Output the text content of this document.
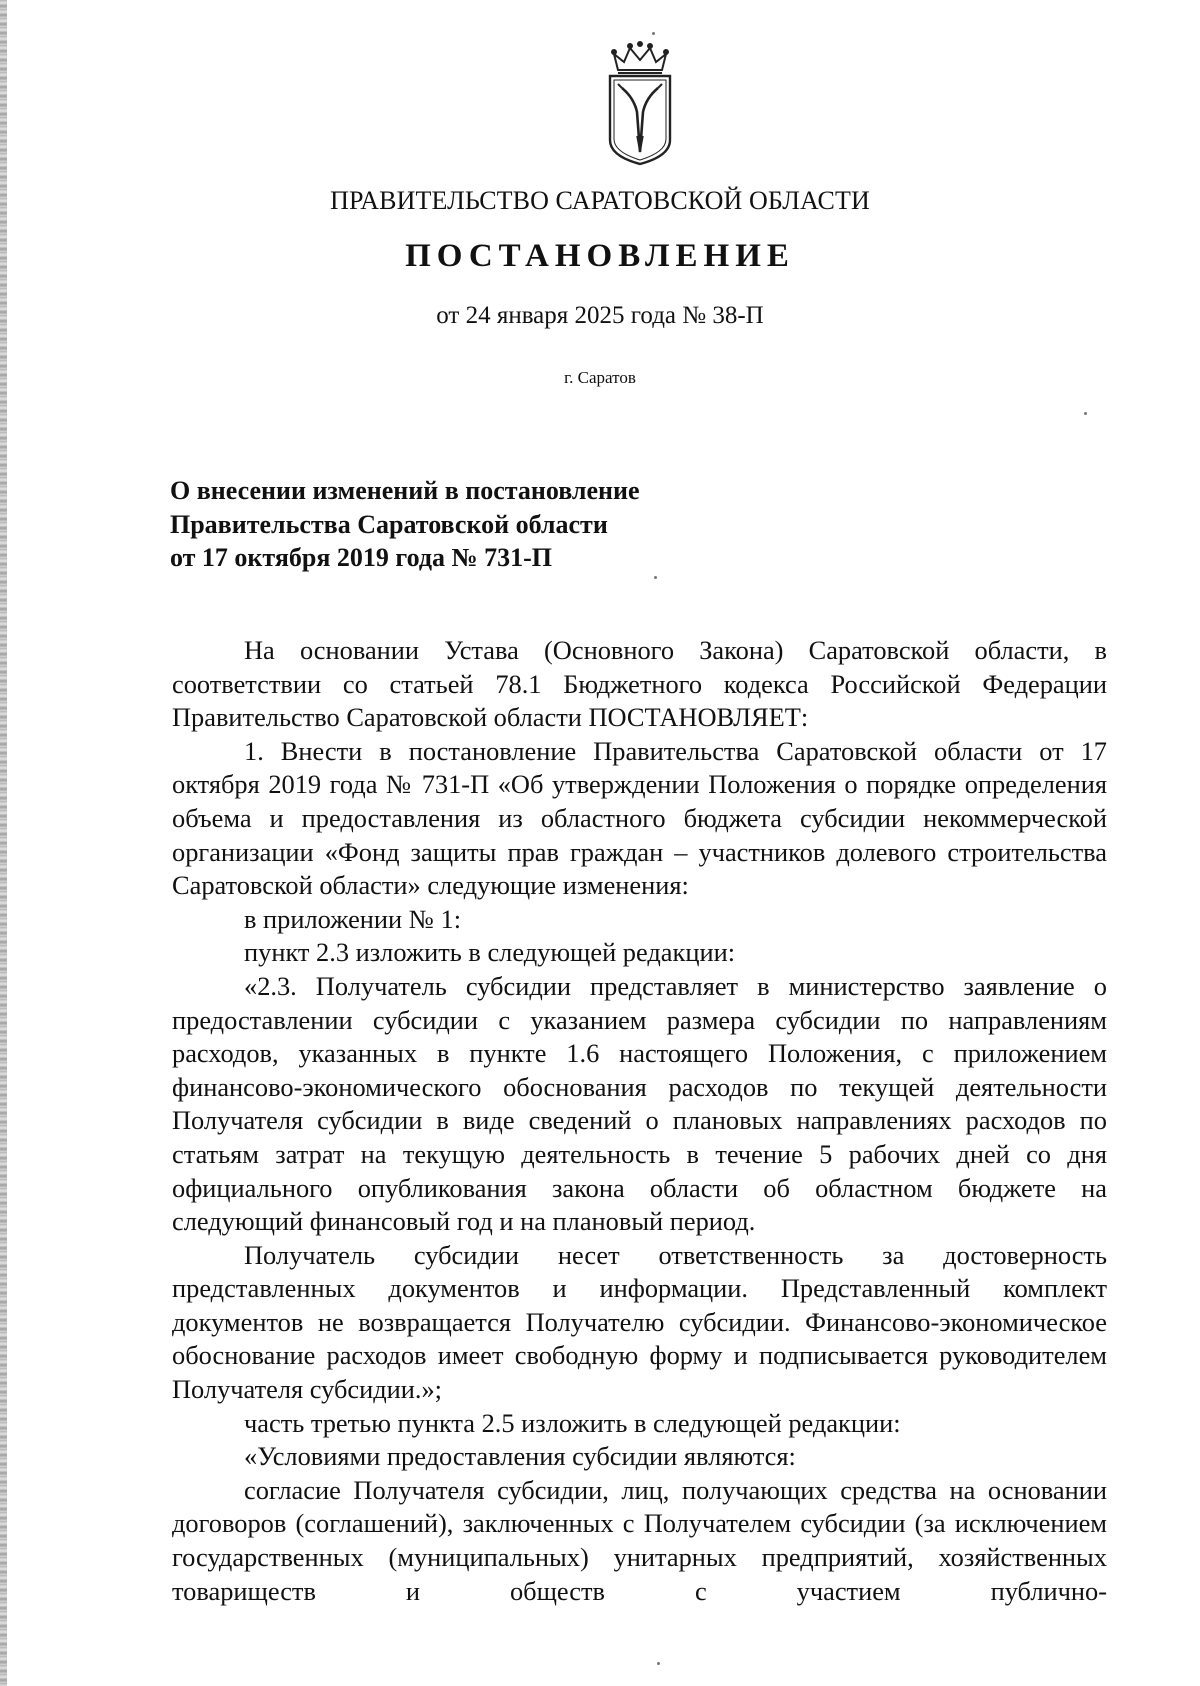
ПРАВИТЕЛЬСТВО САРАТОВСКОЙ ОБЛАСТИ
ПОСТАНОВЛЕНИЕ
от 24 января 2025 года № 38-П
г. Саратов
О внесении изменений в постановление
Правительства Саратовской области
от 17 октября 2019 года № 731-П

На основании Устава (Основного Закона) Саратовской области, в соответствии со статьей 78.1 Бюджетного кодекса Российской Федерации Правительство Саратовской области ПОСТАНОВЛЯЕТ:

1. Внести в постановление Правительства Саратовской области от 17 октября 2019 года № 731-П «Об утверждении Положения о порядке определения объема и предоставления из областного бюджета субсидии некоммерческой организации «Фонд защиты прав граждан – участников долевого строительства Саратовской области» следующие изменения:

в приложении № 1:

пункт 2.3 изложить в следующей редакции:

«2.3. Получатель субсидии представляет в министерство заявление о предоставлении субсидии с указанием размера субсидии по направлениям расходов, указанных в пункте 1.6 настоящего Положения, с приложением финансово-экономического обоснования расходов по текущей деятельности Получателя субсидии в виде сведений о плановых направлениях расходов по статьям затрат на текущую деятельность в течение 5 рабочих дней со дня официального опубликования закона области об областном бюджете на следующий финансовый год и на плановый период.

Получатель субсидии несет ответственность за достоверность представленных документов и информации. Представленный комплект документов не возвращается Получателю субсидии. Финансово-экономическое обоснование расходов имеет свободную форму и подписывается руководителем Получателя субсидии.»;

часть третью пункта 2.5 изложить в следующей редакции:

«Условиями предоставления субсидии являются:

согласие Получателя субсидии, лиц, получающих средства на основании договоров (соглашений), заключенных с Получателем субсидии (за исключением государственных (муниципальных) унитарных предприятий, хозяйственных товариществ и обществ с участием публично-
